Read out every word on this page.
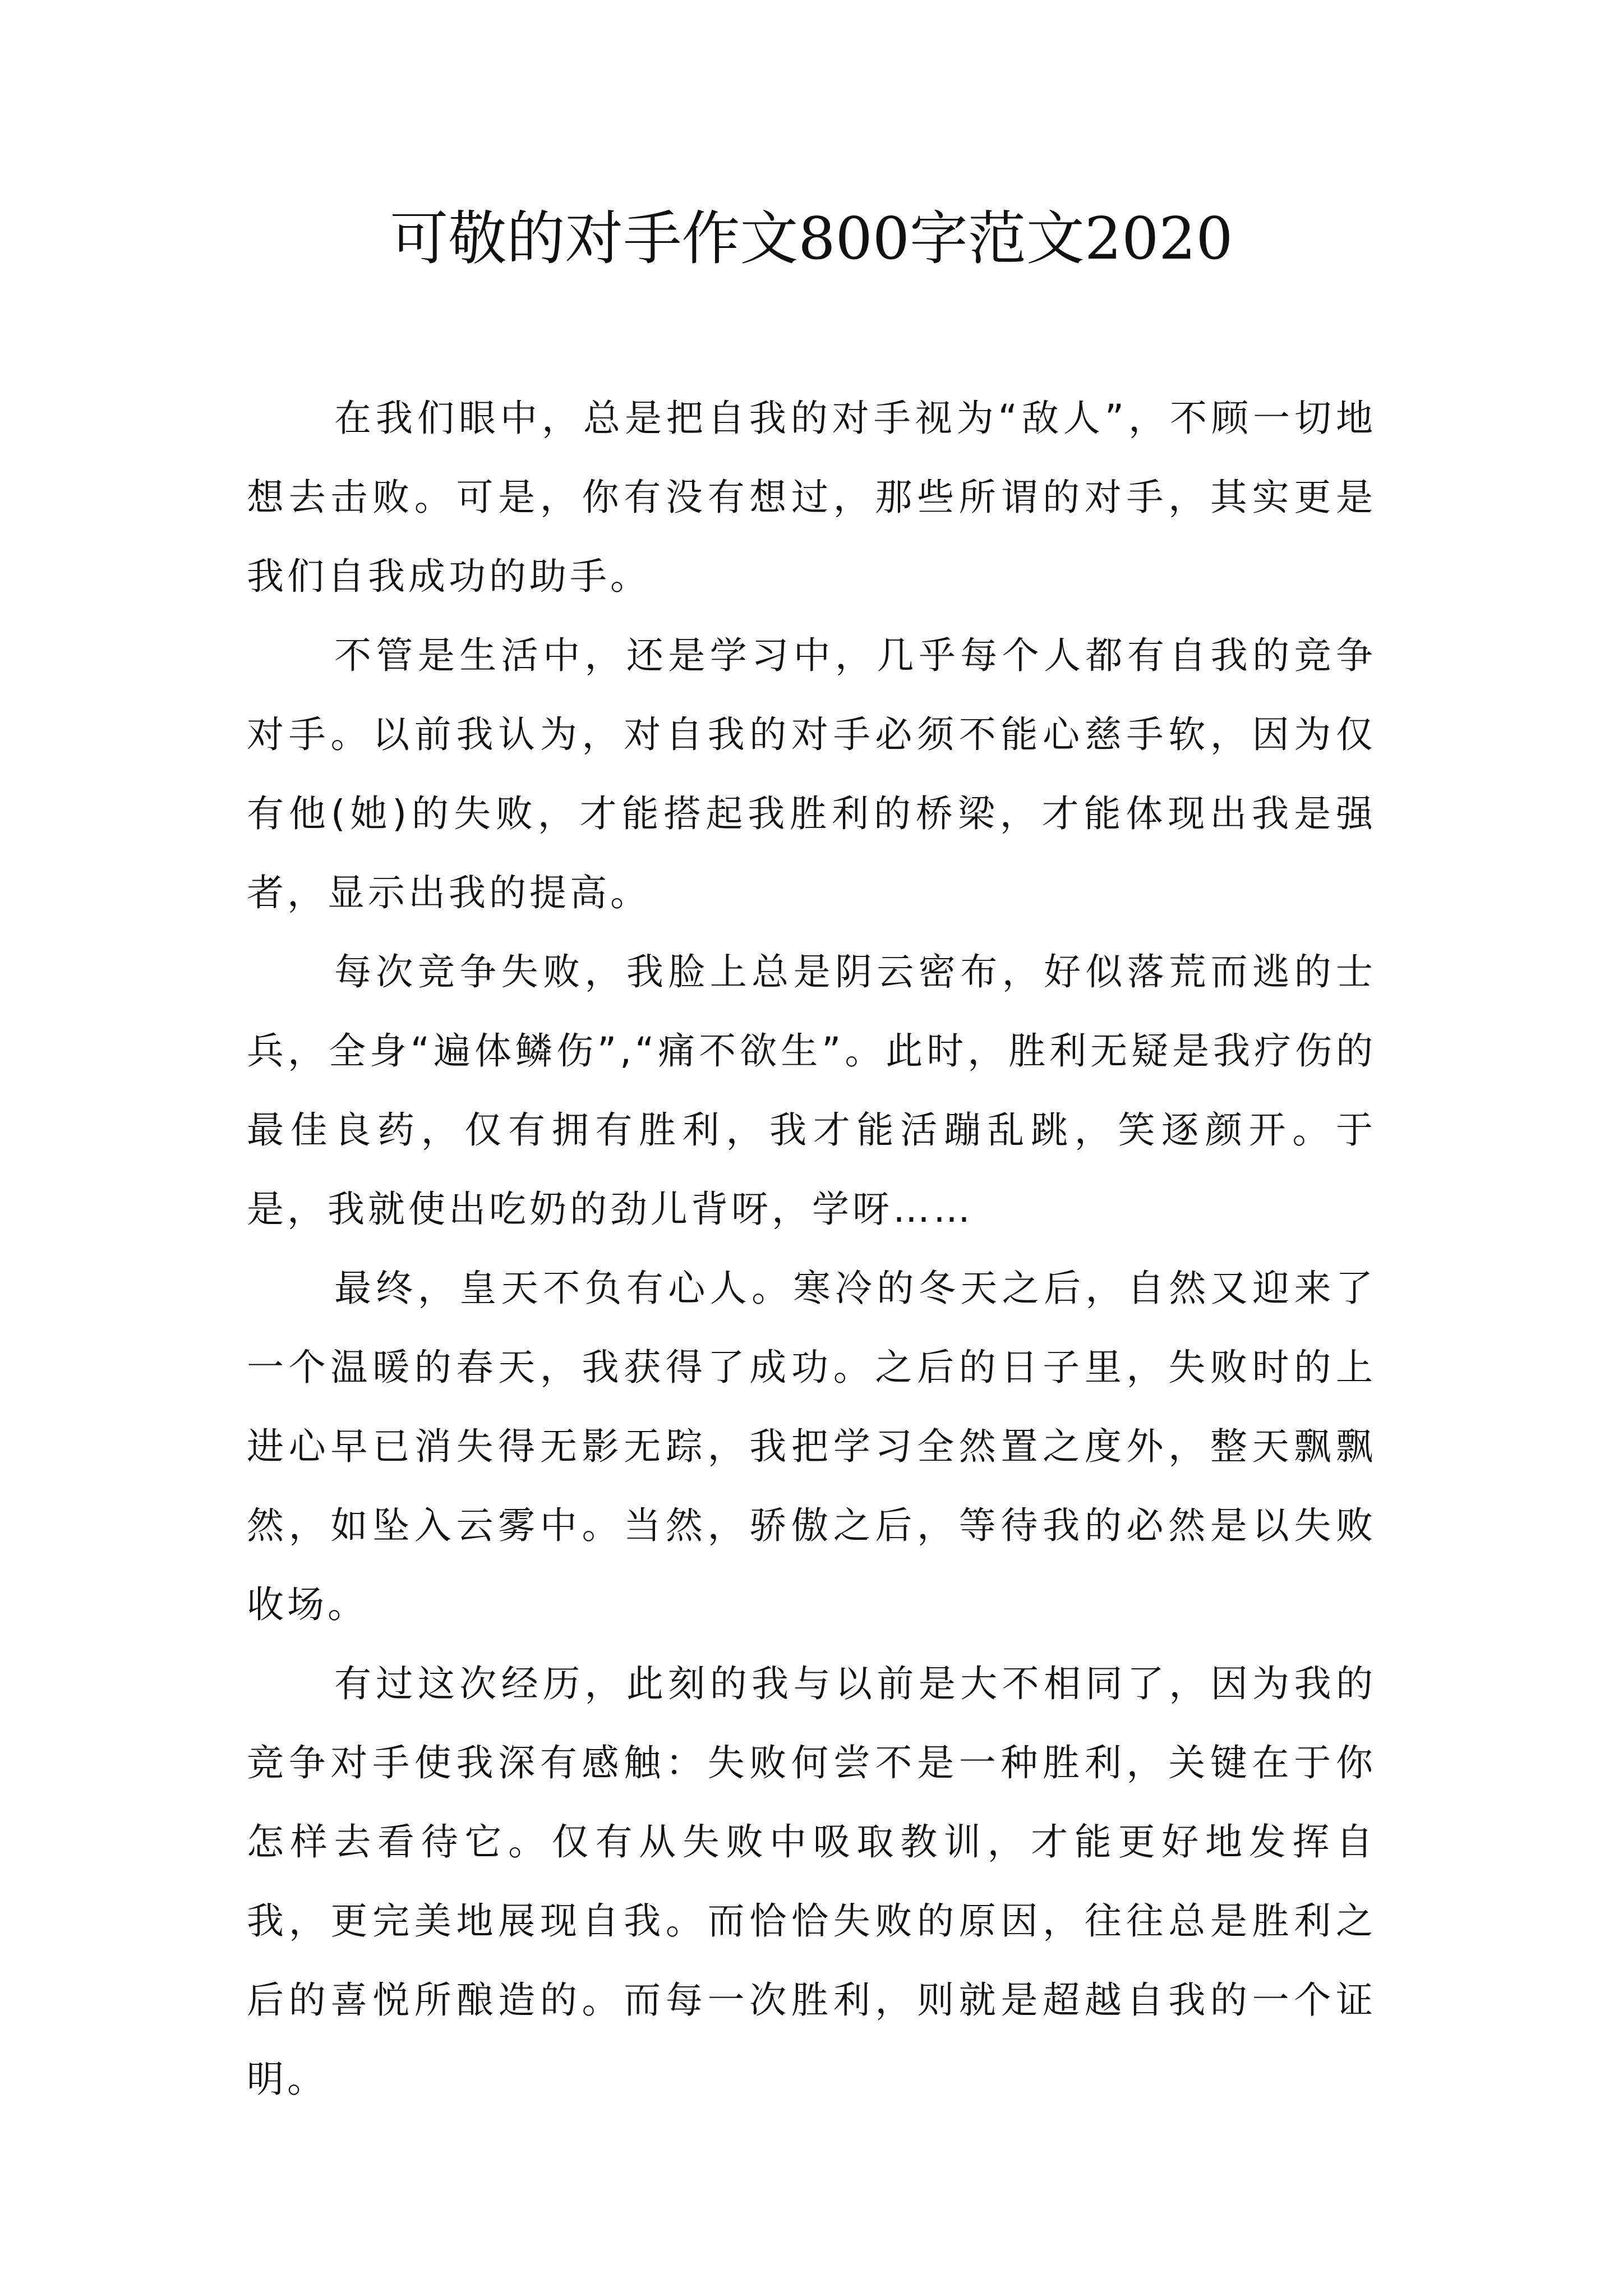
可敬的对手作文800字范文2020

在我们眼中，总是把自我的对手视为“敌人”，不顾一切地想去击败。可是，你有没有想过，那些所谓的对手，其实更是我们自我成功的助手。

不管是生活中，还是学习中，几乎每个人都有自我的竞争对手。以前我认为，对自我的对手必须不能心慈手软，因为仅有他(她)的失败，才能搭起我胜利的桥梁，才能体现出我是强者，显示出我的提高。

每次竞争失败，我脸上总是阴云密布，好似落荒而逃的士兵，全身“遍体鳞伤”,“痛不欲生”。此时，胜利无疑是我疗伤的最佳良药，仅有拥有胜利，我才能活蹦乱跳，笑逐颜开。于是，我就使出吃奶的劲儿背呀，学呀……

最终，皇天不负有心人。寒冷的冬天之后，自然又迎来了一个温暖的春天，我获得了成功。之后的日子里，失败时的上进心早已消失得无影无踪，我把学习全然置之度外，整天飘飘然，如坠入云雾中。当然，骄傲之后，等待我的必然是以失败收场。

有过这次经历，此刻的我与以前是大不相同了，因为我的竞争对手使我深有感触：失败何尝不是一种胜利，关键在于你怎样去看待它。仅有从失败中吸取教训，才能更好地发挥自我，更完美地展现自我。而恰恰失败的原因，往往总是胜利之后的喜悦所酿造的。而每一次胜利，则就是超越自我的一个证明。
